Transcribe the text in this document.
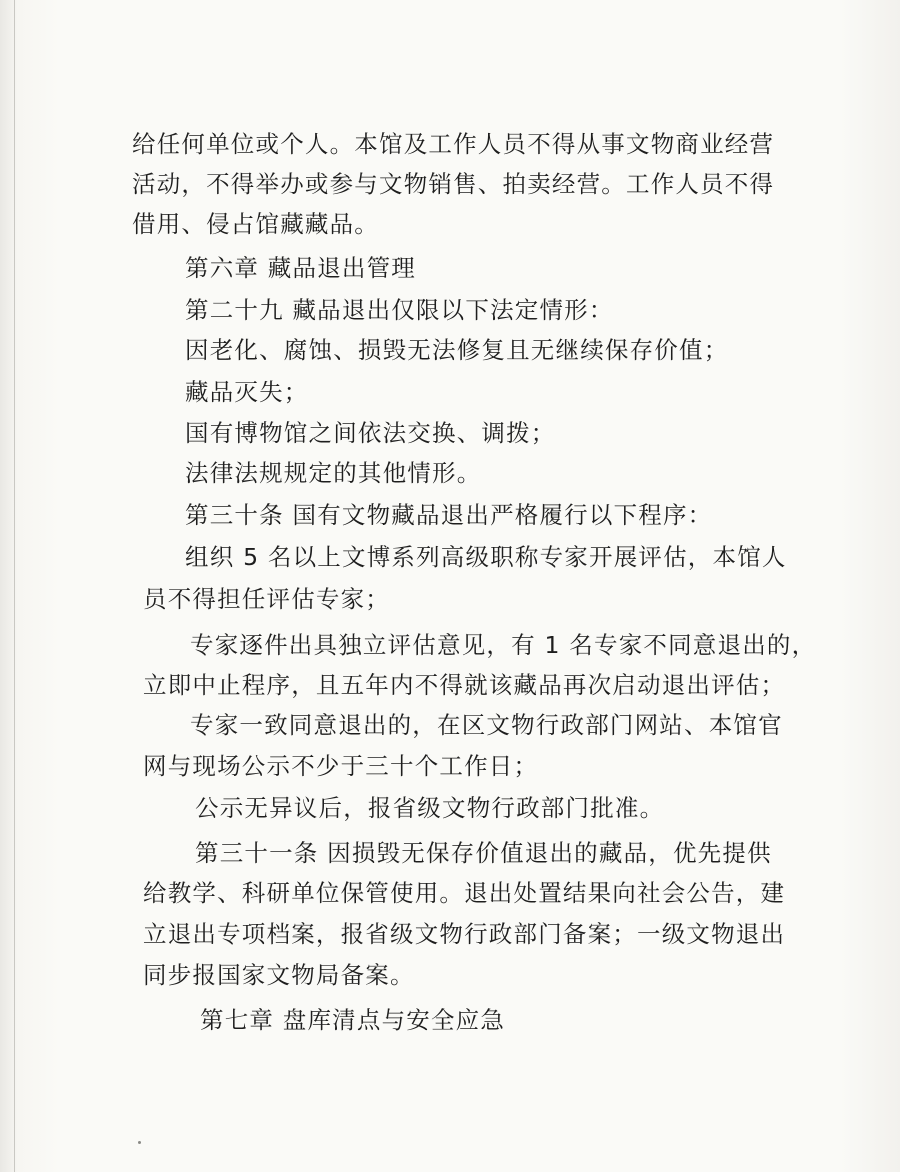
给任何单位或个人。本馆及工作人员不得从事文物商业经营
活动，不得举办或参与文物销售、拍卖经营。工作人员不得
借用、侵占馆藏藏品。
第六章 藏品退出管理
第二十九 藏品退出仅限以下法定情形：
因老化、腐蚀、损毁无法修复且无继续保存价值；
藏品灭失；
国有博物馆之间依法交换、调拨；
法律法规规定的其他情形。
第三十条 国有文物藏品退出严格履行以下程序：
组织 5 名以上文博系列高级职称专家开展评估，本馆人
员不得担任评估专家；
专家逐件出具独立评估意见，有 1 名专家不同意退出的，
立即中止程序，且五年内不得就该藏品再次启动退出评估；
专家一致同意退出的，在区文物行政部门网站、本馆官
网与现场公示不少于三十个工作日；
公示无异议后，报省级文物行政部门批准。
第三十一条 因损毁无保存价值退出的藏品，优先提供
给教学、科研单位保管使用。退出处置结果向社会公告，建
立退出专项档案，报省级文物行政部门备案；一级文物退出
同步报国家文物局备案。
第七章 盘库清点与安全应急
